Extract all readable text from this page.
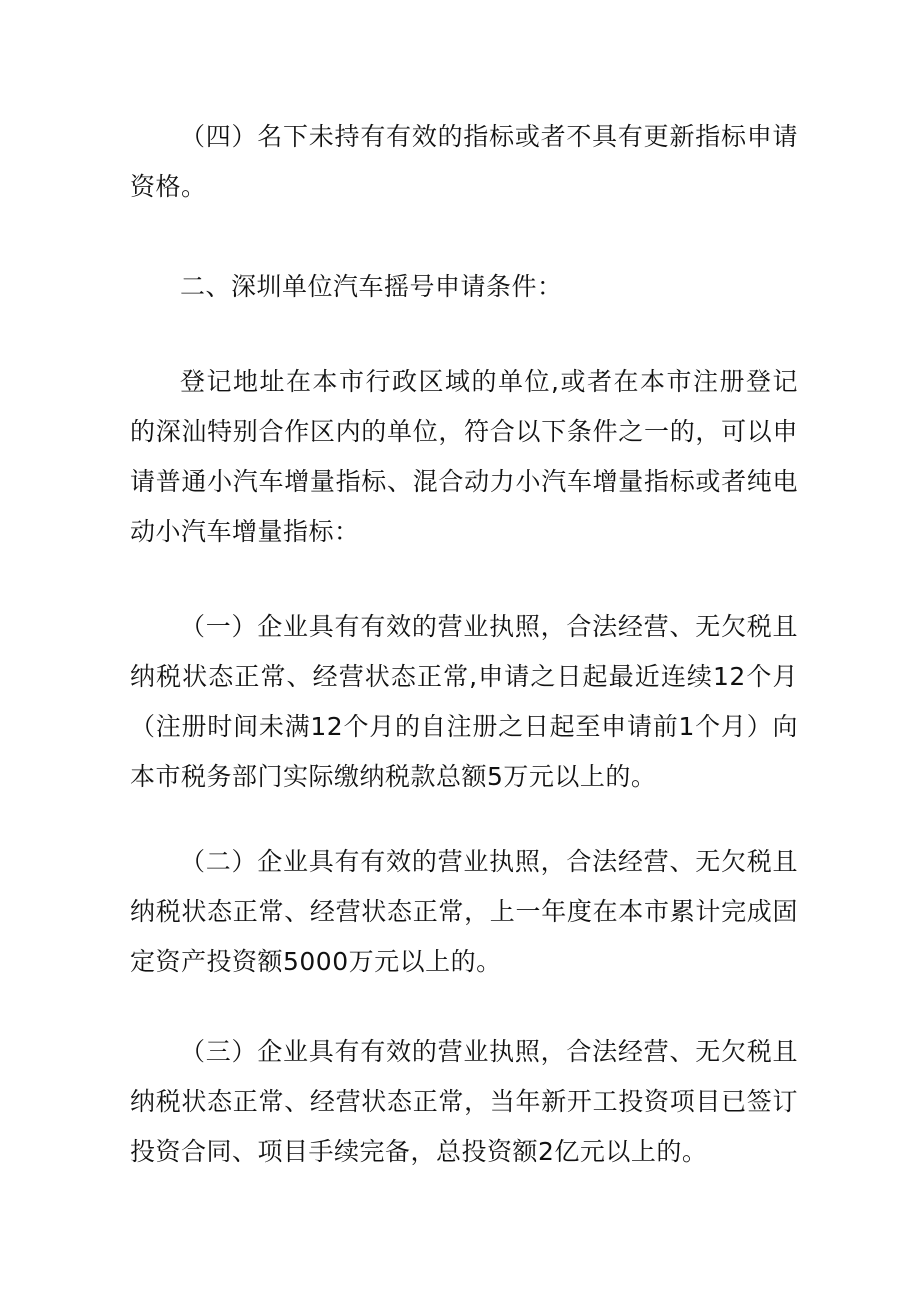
（四）名下未持有有效的指标或者不具有更新指标申请资格。

二、深圳单位汽车摇号申请条件：

登记地址在本市行政区域的单位,或者在本市注册登记的深汕特别合作区内的单位，符合以下条件之一的，可以申请普通小汽车增量指标、混合动力小汽车增量指标或者纯电动小汽车增量指标：

（一）企业具有有效的营业执照，合法经营、无欠税且纳税状态正常、经营状态正常,申请之日起最近连续12个月（注册时间未满12个月的自注册之日起至申请前1个月）向本市税务部门实际缴纳税款总额5万元以上的。

（二）企业具有有效的营业执照，合法经营、无欠税且纳税状态正常、经营状态正常，上一年度在本市累计完成固定资产投资额5000万元以上的。

（三）企业具有有效的营业执照，合法经营、无欠税且纳税状态正常、经营状态正常，当年新开工投资项目已签订投资合同、项目手续完备，总投资额2亿元以上的。
